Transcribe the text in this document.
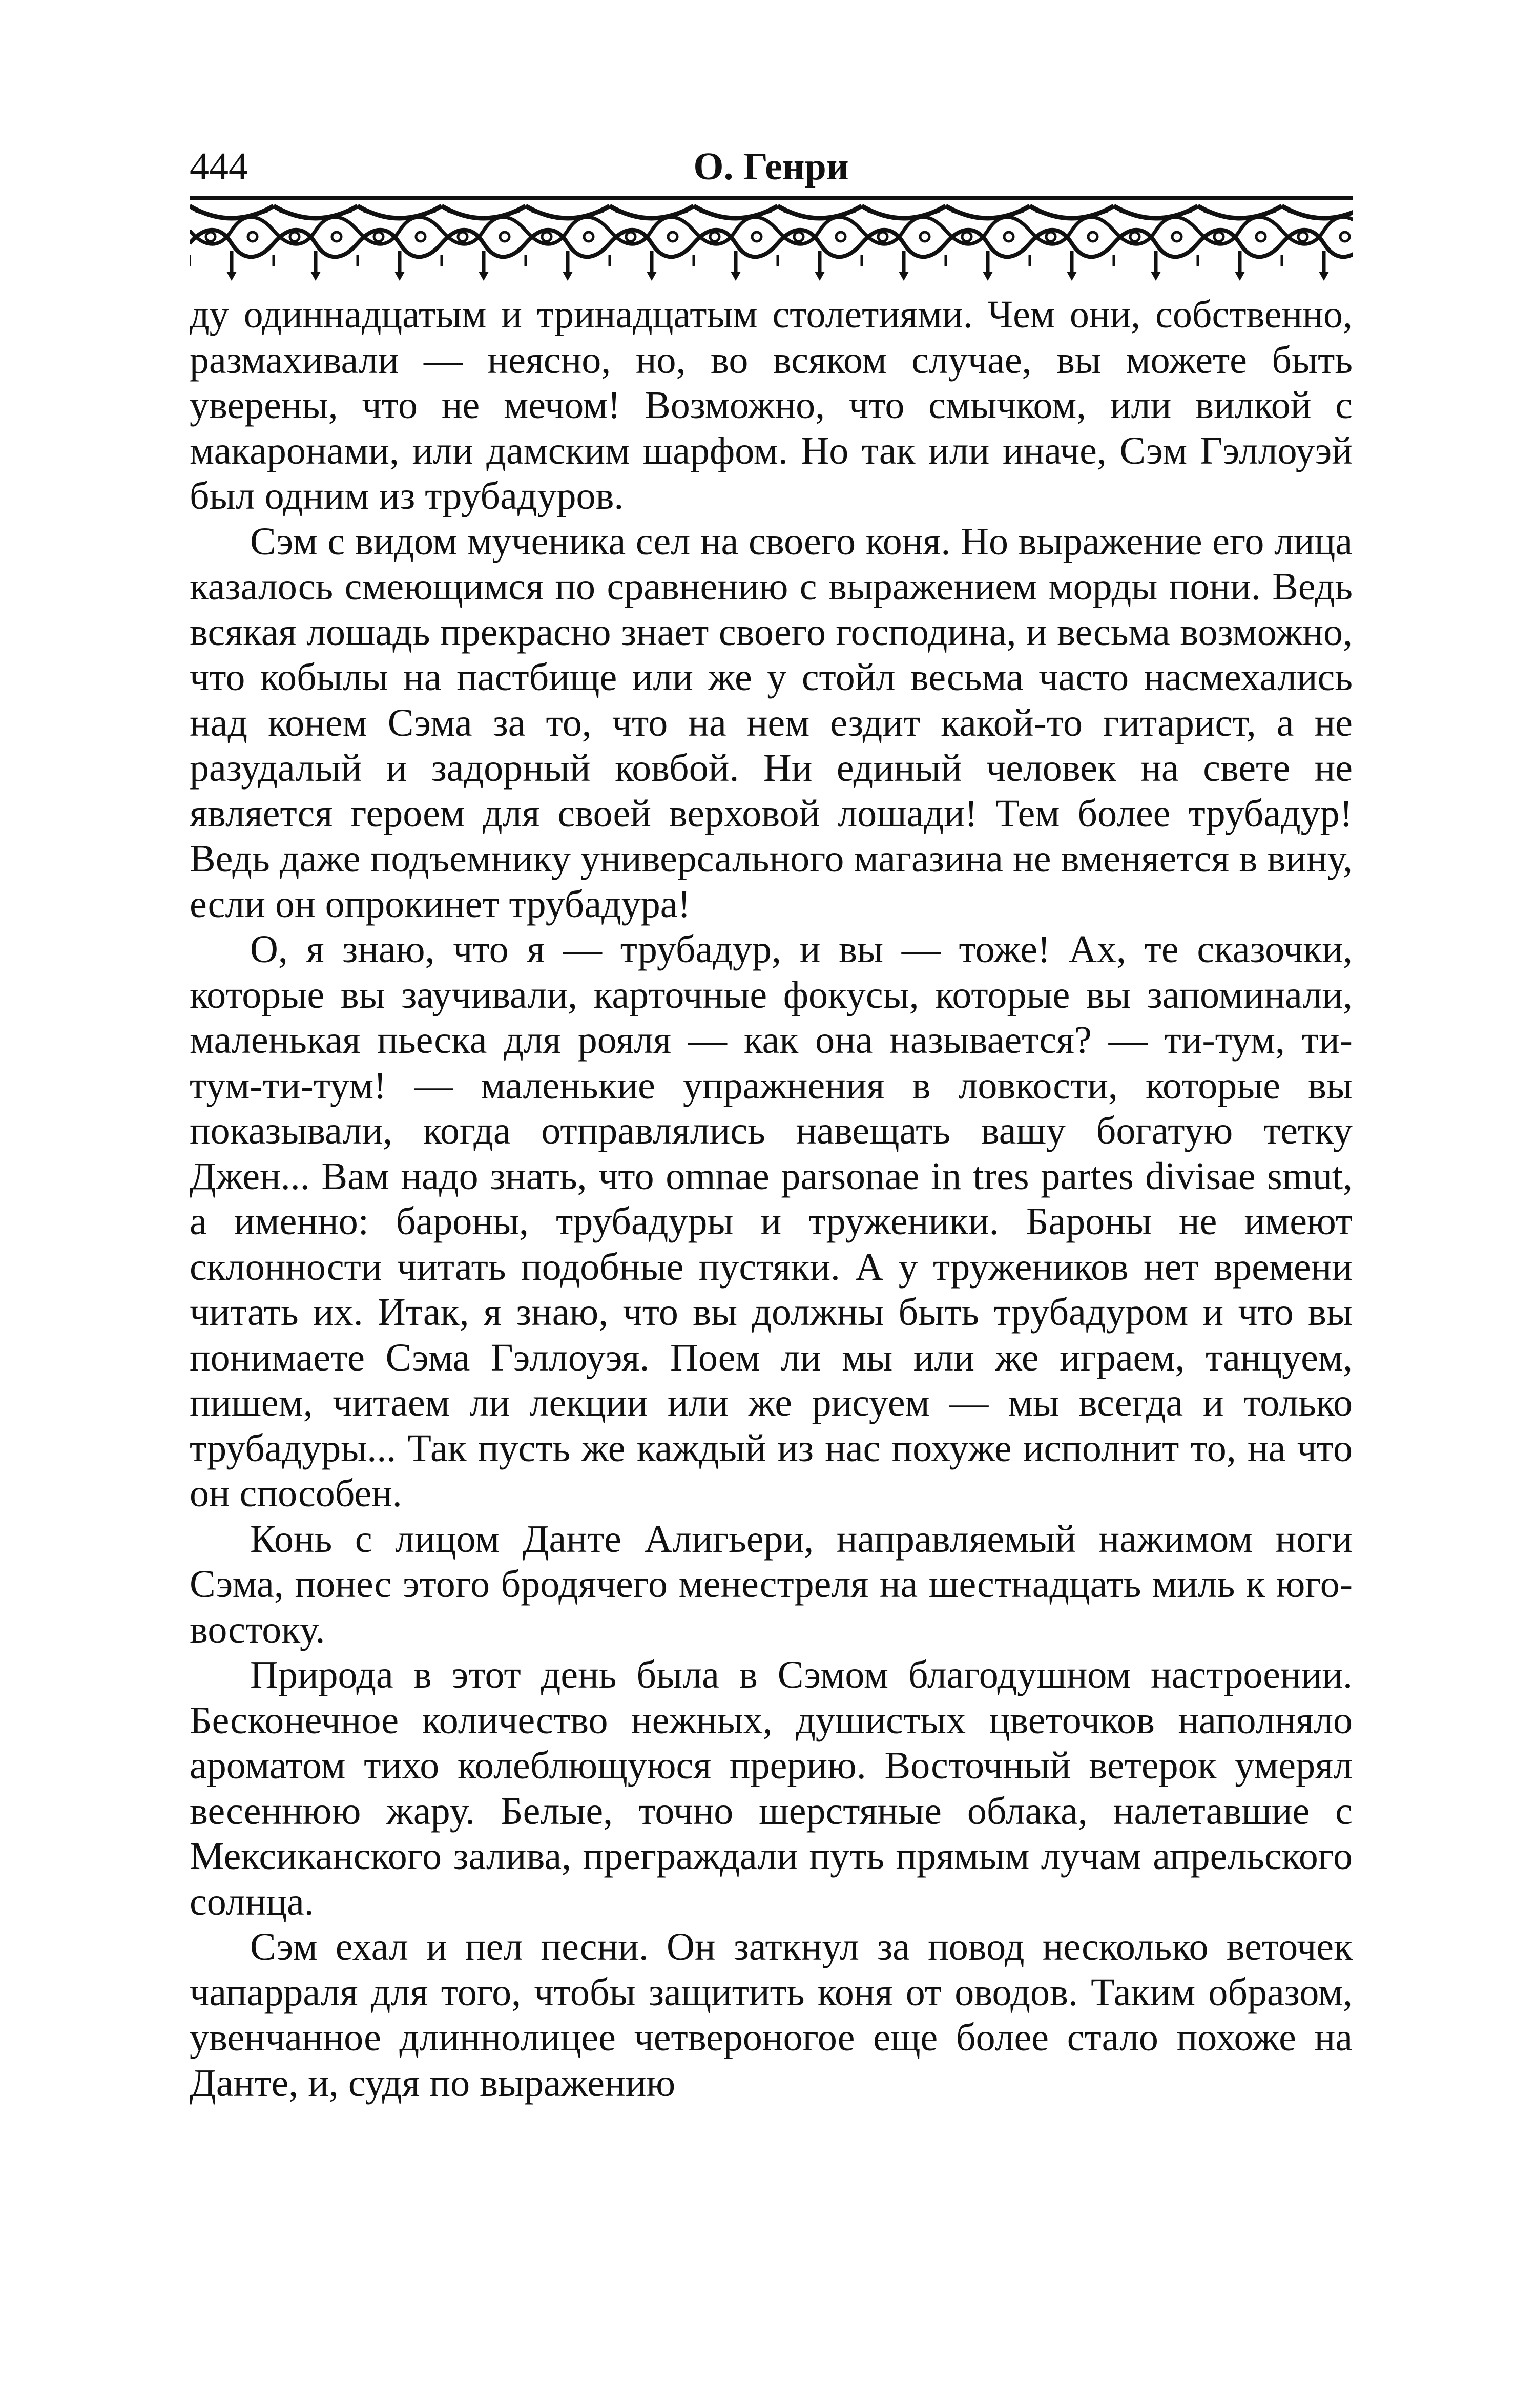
444	О. Генри

ду одиннадцатым и тринадцатым столетиями. Чем они, собственно, размахивали — неясно, но, во всяком случае, вы можете быть уверены, что не мечом! Возможно, что смычком, или вилкой с макаронами, или дамским шарфом. Но так или иначе, Сэм Гэллоуэй был одним из трубадуров.

Сэм с видом мученика сел на своего коня. Но выражение его лица казалось смеющимся по сравнению с выражением морды пони. Ведь всякая лошадь прекрасно знает своего господина, и весьма возможно, что кобылы на пастбище или же у стойл весьма часто насмехались над конем Сэма за то, что на нем ездит какой-то гитарист, а не разудалый и задорный ковбой. Ни единый человек на свете не является героем для своей верховой лошади! Тем более трубадур! Ведь даже подъемнику универсального магазина не вменяется в вину, если он опрокинет трубадура!

О, я знаю, что я — трубадур, и вы — тоже! Ах, те сказочки, которые вы заучивали, карточные фокусы, которые вы запоминали, маленькая пьеска для рояля — как она называется? — ти-тум, ти-тум-ти-тум! — маленькие упражнения в ловкости, которые вы показывали, когда отправлялись навещать вашу богатую тетку Джен... Вам надо знать, что omnae parsonae in tres partes divisae smut, а именно: бароны, трубадуры и труженики. Бароны не имеют склонности читать подобные пустяки. А у тружеников нет времени читать их. Итак, я знаю, что вы должны быть трубадуром и что вы понимаете Сэма Гэллоуэя. Поем ли мы или же играем, танцуем, пишем, читаем ли лекции или же рисуем — мы всегда и только трубадуры... Так пусть же каждый из нас похуже исполнит то, на что он способен.

Конь с лицом Данте Алигьери, направляемый нажимом ноги Сэма, понес этого бродячего менестреля на шестнадцать миль к юго-востоку.

Природа в этот день была в Сэмом благодушном настроении. Бесконечное количество нежных, душистых цветочков наполняло ароматом тихо колеблющуюся прерию. Восточный ветерок умерял весеннюю жару. Белые, точно шерстяные облака, налетавшие с Мексиканского залива, преграждали путь прямым лучам апрельского солнца.

Сэм ехал и пел песни. Он заткнул за повод несколько веточек чапарраля для того, чтобы защитить коня от оводов. Таким образом, увенчанное длиннолицее четвероногое еще более стало похоже на Данте, и, судя по выражению
